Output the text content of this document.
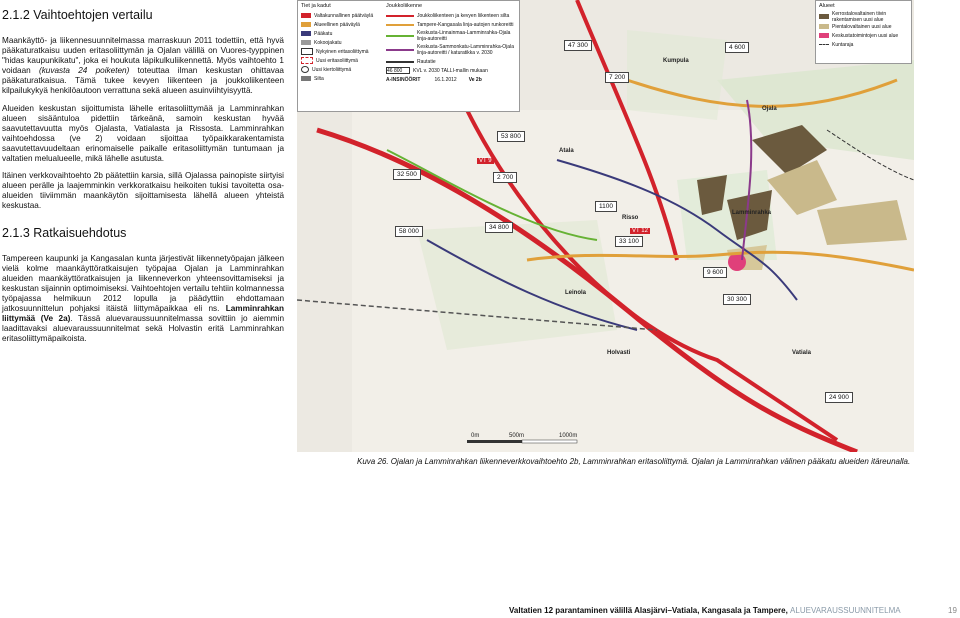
2.1.2 Vaihtoehtojen vertailu

Maankäyttö- ja liikennesuunnitelmassa marraskuun 2011 todettiin, että hyvä pääkaturatkaisu uuden eritasoliittymän ja Ojalan välillä on Vuores-tyyppinen "hidas kaupunkikatu", joka ei houkuta läpikulkuliikennettä. Myös vaihtoehto 1 voidaan (kuvasta 24 poiketen) toteuttaa ilman keskustan ohittavaa pääkaturatkaisua. Tämä tukee kevyen liikenteen ja joukkoliikenteen kilpailukykyä henkilöautoon verrattuna sekä alueen asuinviihtyisyyttä.

Alueiden keskustan sijoittumista lähelle eritasoliittymää ja Lamminrahkan alueen sisääntuloa pidettiin tärkeänä, samoin keskustan hyvää saavutettavuutta myös Ojalasta, Vatialasta ja Rissosta. Lamminrahkan vaihtoehdossa (ve 2) voidaan sijoittaa työpaikkarakentamista saavutettavuudeltaan erinomaiselle paikalle eritasoliittymän tuntumaan ja valtatien melualueelle, mikä lähelle asutusta.

Itäinen verkkovaihtoehto 2b päätettiin karsia, sillä Ojalassa painopiste siirtyisi alueen perälle ja laajemminkin verkkoratkaisu heikoiten tukisi tavoitetta osa-alueiden tiiviimmän maankäytön sijoittamisesta lähellä alueen yhteistä keskustaa.

2.1.3 Ratkaisuehdotus

Tampereen kaupunki ja Kangasalan kunta järjestivät liikennetyöpajan jälkeen vielä kolme maankäyttöratkaisujen työpajaa Ojalan ja Lamminrahkan alueiden maankäyttöratkaisujen ja liikenneverkon yhteensovittamiseksi ja keskustan sijainnin optimoimiseksi. Vaihtoehtojen vertailu tehtiin kolmannessa työpajassa helmikuun 2012 lopulla ja päädyttiin ehdottamaan jatkosuunnittelun pohjaksi itäistä liittymäpaikkaa eli ns. Lamminrahkan liittymää (Ve 2a). Tässä aluevaraussuunnitelmassa sovittiin jo aiemmin laadittavaksi aluevaraussuunnitelmat sekä Holvastin eritä Lamminrahkan eritasoliittymäpaikoista.

Tiet ja kadut
Valtakunnallinen päätväylä
Alueellinen pääväylä
Pääkatu
Kokoojakatu
Nykyinen eritasoliittymä
Uusi eritasoliittymä
Uusi kiertoliittymä
Silta
Joukkoliikenne
Joukkoliikenteen ja kevyen liikenteen silta
Tampere-Kangasala linja-autojen runkoreitti
Keskusta-Linnainmaa-Lamminrahka-Ojala linja-autoreitti
Keskusta-Sammonkatu-Lamminrahka-Ojala linja-autoreitti / katuratikka v. 2030
Rautatie
46 800	KVL v. 2030 TALLI-mallin mukaan
A-INSINÖÖRIT	16.1.2012 Ve 2b
Alueet
Kerrostalovaltainen tiivin rakentamisen uusi alue
Pientalovaltainen uusi alue
Keskustatoimintojen uusi alue
Kuntaraja
Kumpula
Ojala
Atala
Risso
Lamminrahka
Leinola
Holvasti	Vatiala
VT 9
VT 12
47 300	4 600
7 200
53 800
32 500	2 700
34 800
1100
58 000
33 100
9 600
30 300
24 900
0m	500m	1000m
Kuva 26. Ojalan ja Lamminrahkan liikenneverkkovaihtoehto 2b, Lamminrahkan eritasoliittymä. Ojalan ja Lamminrahkan välinen pääkatu alueiden itäreunalla.
Valtatien 12 parantaminen välillä Alasjärvi–Vatiala, Kangasala ja Tampere, ALUEVARAUSSUUNNITELMA	19
